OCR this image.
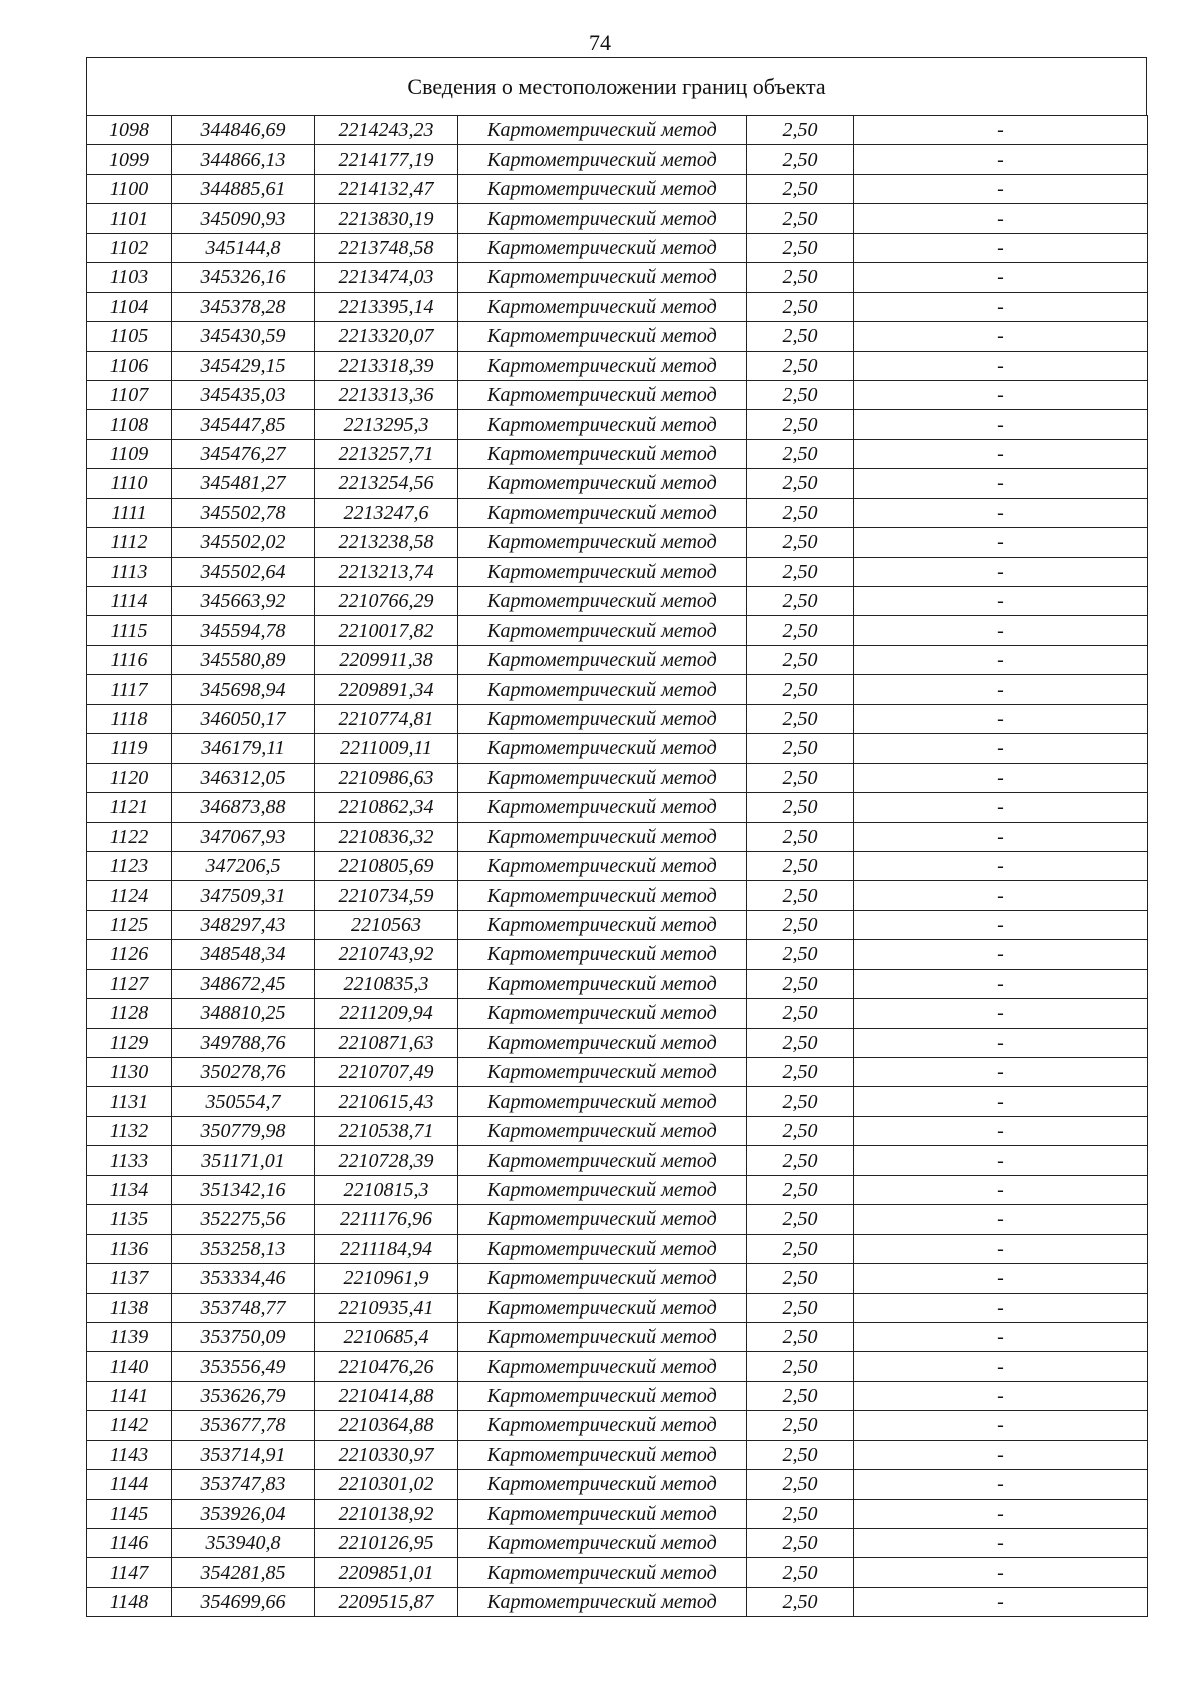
74
Сведения о местоположении границ объекта
1098	344846,69	2214243,23	Картометрический метод	2,50	-
1099	344866,13	2214177,19	Картометрический метод	2,50	-
1100	344885,61	2214132,47	Картометрический метод	2,50	-
1101	345090,93	2213830,19	Картометрический метод	2,50	-
1102	345144,8	2213748,58	Картометрический метод	2,50	-
1103	345326,16	2213474,03	Картометрический метод	2,50	-
1104	345378,28	2213395,14	Картометрический метод	2,50	-
1105	345430,59	2213320,07	Картометрический метод	2,50	-
1106	345429,15	2213318,39	Картометрический метод	2,50	-
1107	345435,03	2213313,36	Картометрический метод	2,50	-
1108	345447,85	2213295,3	Картометрический метод	2,50	-
1109	345476,27	2213257,71	Картометрический метод	2,50	-
1110	345481,27	2213254,56	Картометрический метод	2,50	-
1111	345502,78	2213247,6	Картометрический метод	2,50	-
1112	345502,02	2213238,58	Картометрический метод	2,50	-
1113	345502,64	2213213,74	Картометрический метод	2,50	-
1114	345663,92	2210766,29	Картометрический метод	2,50	-
1115	345594,78	2210017,82	Картометрический метод	2,50	-
1116	345580,89	2209911,38	Картометрический метод	2,50	-
1117	345698,94	2209891,34	Картометрический метод	2,50	-
1118	346050,17	2210774,81	Картометрический метод	2,50	-
1119	346179,11	2211009,11	Картометрический метод	2,50	-
1120	346312,05	2210986,63	Картометрический метод	2,50	-
1121	346873,88	2210862,34	Картометрический метод	2,50	-
1122	347067,93	2210836,32	Картометрический метод	2,50	-
1123	347206,5	2210805,69	Картометрический метод	2,50	-
1124	347509,31	2210734,59	Картометрический метод	2,50	-
1125	348297,43	2210563	Картометрический метод	2,50	-
1126	348548,34	2210743,92	Картометрический метод	2,50	-
1127	348672,45	2210835,3	Картометрический метод	2,50	-
1128	348810,25	2211209,94	Картометрический метод	2,50	-
1129	349788,76	2210871,63	Картометрический метод	2,50	-
1130	350278,76	2210707,49	Картометрический метод	2,50	-
1131	350554,7	2210615,43	Картометрический метод	2,50	-
1132	350779,98	2210538,71	Картометрический метод	2,50	-
1133	351171,01	2210728,39	Картометрический метод	2,50	-
1134	351342,16	2210815,3	Картометрический метод	2,50	-
1135	352275,56	2211176,96	Картометрический метод	2,50	-
1136	353258,13	2211184,94	Картометрический метод	2,50	-
1137	353334,46	2210961,9	Картометрический метод	2,50	-
1138	353748,77	2210935,41	Картометрический метод	2,50	-
1139	353750,09	2210685,4	Картометрический метод	2,50	-
1140	353556,49	2210476,26	Картометрический метод	2,50	-
1141	353626,79	2210414,88	Картометрический метод	2,50	-
1142	353677,78	2210364,88	Картометрический метод	2,50	-
1143	353714,91	2210330,97	Картометрический метод	2,50	-
1144	353747,83	2210301,02	Картометрический метод	2,50	-
1145	353926,04	2210138,92	Картометрический метод	2,50	-
1146	353940,8	2210126,95	Картометрический метод	2,50	-
1147	354281,85	2209851,01	Картометрический метод	2,50	-
1148	354699,66	2209515,87	Картометрический метод	2,50	-
